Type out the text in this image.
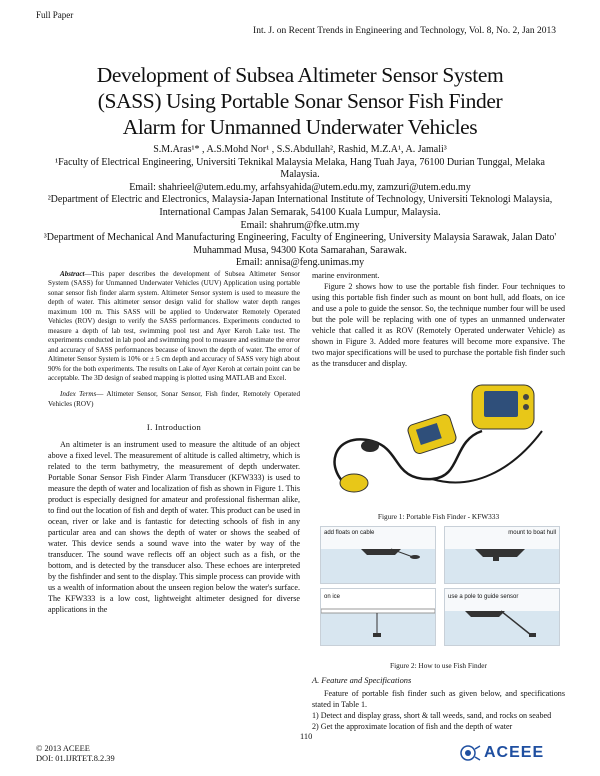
Full Paper
Int. J. on Recent Trends in Engineering and Technology, Vol. 8, No. 2, Jan 2013
Development of Subsea Altimeter Sensor System
(SASS) Using Portable Sonar Sensor Fish Finder
Alarm for Unmanned Underwater Vehicles

S.M.Aras¹* , A.S.Mohd Nor¹ , S.S.Abdullah², Rashid, M.Z.A¹, A. Jamali³

¹Faculty of Electrical Engineering, Universiti Teknikal Malaysia Melaka, Hang Tuah Jaya, 76100 Durian Tunggal, Melaka Malaysia.

Email: shahrieel@utem.edu.my, arfahsyahida@utem.edu.my, zamzuri@utem.edu.my

²Department of Electric and Electronics, Malaysia-Japan International Institute of Technology, Universiti Teknologi Malaysia, International Campas Jalan Semarak, 54100 Kuala Lumpur, Malaysia.

Email: shahrum@fke.utm.my

³Department of Mechanical And Manufacturing Engineering, Faculty of Engineering, University Malaysia Sarawak, Jalan Dato' Muhammad Musa, 94300 Kota Samarahan, Sarawak.

Email: annisa@feng.unimas.my

Abstract—This paper describes the development of Subsea Altimeter Sensor System (SASS) for Unmanned Underwater Vehicles (UUV) Application using portable sonar sensor fish finder alarm system. Altimeter Sensor system is used to measure the depth of water. This altimeter sensor design valid for shallow water depth ranges maximum 100 m. This SASS will be applied to Underwater Remotely Operated Vehicles (ROV) design to verify the SASS performances. Experiments conducted to measure a depth of lab test, swimming pool test and Ayer Keroh Lake test. The experiments conducted in lab pool and swimming pool to measure and estimate the error and accuracy of SASS performances because of known the depth of water. The error of Altimeter Sensor System is 10% or ± 5 cm depth and accuracy of SASS very high about 90% for the both experiments. The results on Lake of Ayer Keroh at certain point can be acceptable. The 3D design of seabed mapping is plotted using MATLAB and Excel.

Index Terms— Altimeter Sensor, Sonar Sensor, Fish finder, Remotely Operated Vehicles (ROV)

I. Introduction

An altimeter is an instrument used to measure the altitude of an object above a fixed level. The measurement of altitude is called altimetry, which is related to the term bathymetry, the measurement of depth underwater. Portable Sonar Sensor Fish Finder Alarm Transducer (KFW333) is used to measure the depth of water and localization of fish as shown in Figure 1. This product is especially designed for amateur and professional fisherman alike, to find out the location of fish and depth of water. This product can be used in ocean, river or lake and is fantastic for detecting schools of fish in any particular area and can shows the depth of water or shows the seabed of water. This device sends a sound wave into the water by way of the transducer. The sound wave reflects off an object such as a fish, or the bottom, and is detected by the transducer also. These echoes are interpreted by the fishfinder and sent to the display. This simple process can provide with us a wealth of information about the unseen region below the water's surface. The KFW333 is a low cost, lightweight altimeter designed for diverse applications in the

marine environment.

Figure 2 shows how to use the portable fish finder. Four techniques to using this portable fish finder such as mount on bont hull, add floats, on ice and use a pole to guide the sensor. So, the technique number four will be used but the pole will be replacing with one of types an unmanned underwater vehicle that called it as ROV (Remotely Operated underwater Vehicle) as shown in Figure 3. Added more features will become more expansive. The two major specifications will be used to purchase the portable fish finder such as the transducer and display.

Figure 1: Portable Fish Finder - KFW333

add floats on cable	mount to boat hull
on ice	use a pole to guide sensor

Figure 2: How to use Fish Finder

A. Feature and Specifications

Feature of portable fish finder such as given below, and specifications stated in Table 1.

1) Detect and display grass, short & tall weeds, sand, and rocks on seabed

2) Get the approximate location of fish and the depth of water

110

© 2013 ACEEE

DOI: 01.IJRTET.8.2.39	ACEEE
